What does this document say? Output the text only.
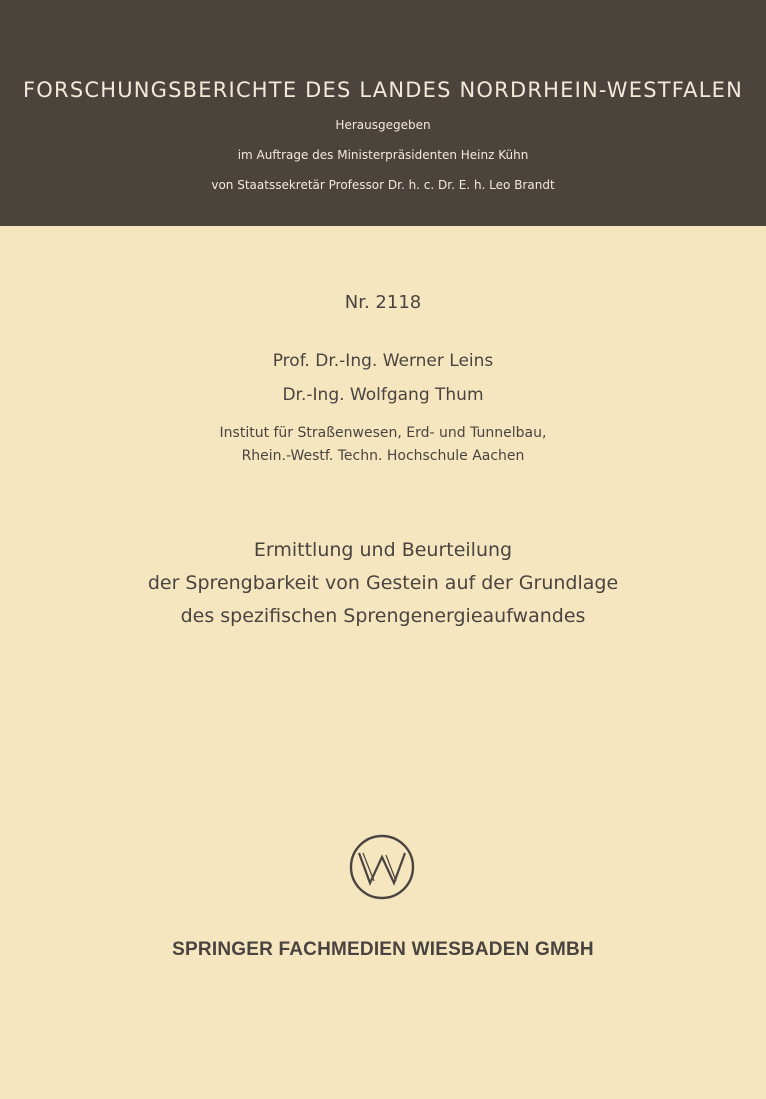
FORSCHUNGSBERICHTE DES LANDES NORDRHEIN-WESTFALEN
Herausgegeben
im Auftrage des Ministerpräsidenten Heinz Kühn
von Staatssekretär Professor Dr. h. c. Dr. E. h. Leo Brandt
Nr. 2118
Prof. Dr.-Ing. Werner Leins
Dr.-Ing. Wolfgang Thum
Institut für Straßenwesen, Erd- und Tunnelbau,
Rhein.-Westf. Techn. Hochschule Aachen
Ermittlung und Beurteilung
der Sprengbarkeit von Gestein auf der Grundlage
des spezifischen Sprengenergieaufwandes
SPRINGER FACHMEDIEN WIESBADEN GMBH
